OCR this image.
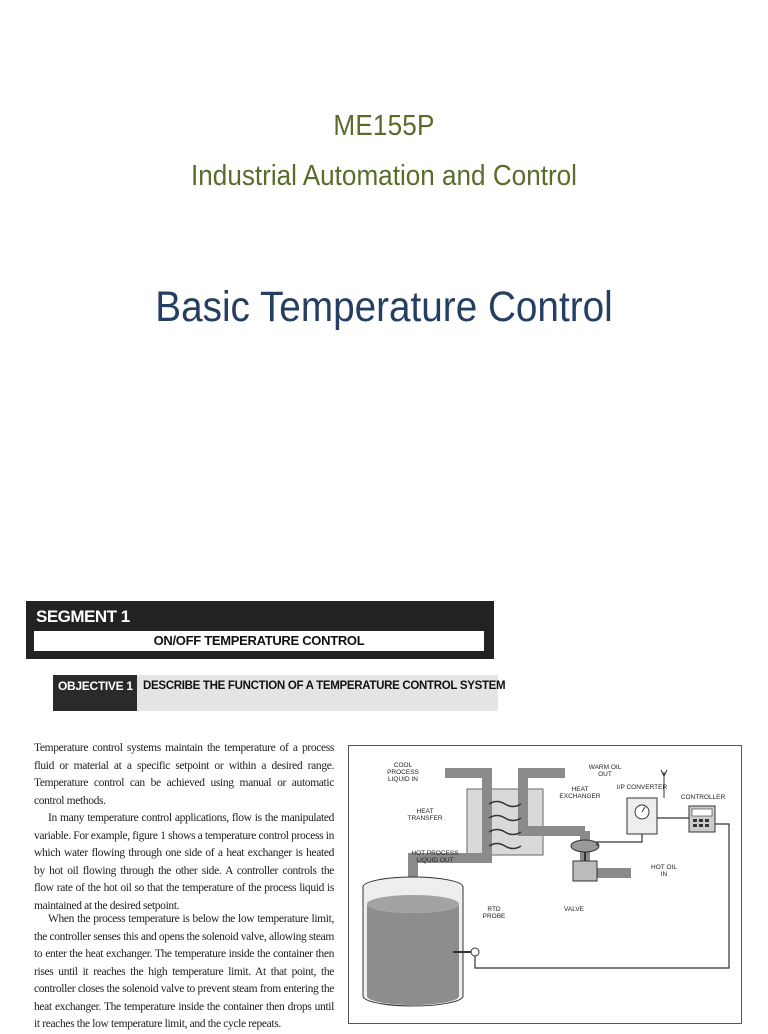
ME155P
Industrial Automation and Control
Basic Temperature Control
SEGMENT 1
ON/OFF TEMPERATURE CONTROL
OBJECTIVE 1 DESCRIBE THE FUNCTION OF A TEMPERATURE CONTROL SYSTEM

Temperature control systems maintain the temperature of a process fluid or material at a specific setpoint or within a desired range. Temperature control can be achieved using manual or automatic control methods.

In many temperature control applications, flow is the manipulated variable. For example, figure 1 shows a temperature control process in which water flowing through one side of a heat exchanger is heated by hot oil flowing through the other side. A controller controls the flow rate of the hot oil so that the temperature of the process liquid is maintained at the desired setpoint.

When the process temperature is below the low temperature limit, the controller senses this and opens the solenoid valve, allowing steam to enter the heat exchanger. The temperature inside the container then rises until it reaches the high temperature limit. At that point, the controller closes the solenoid valve to prevent steam from entering the heat exchanger. The temperature inside the container then drops until it reaches the low temperature limit, and the cycle repeats.

COOL PROCESS LIQUID IN
WARM OIL OUT
HEAT EXCHANGER
I/P CONVERTER
CONTROLLER
HEAT TRANSFER
HOT PROCESS LIQUID OUT
HOT OIL IN
VALVE
RTD PROBE
